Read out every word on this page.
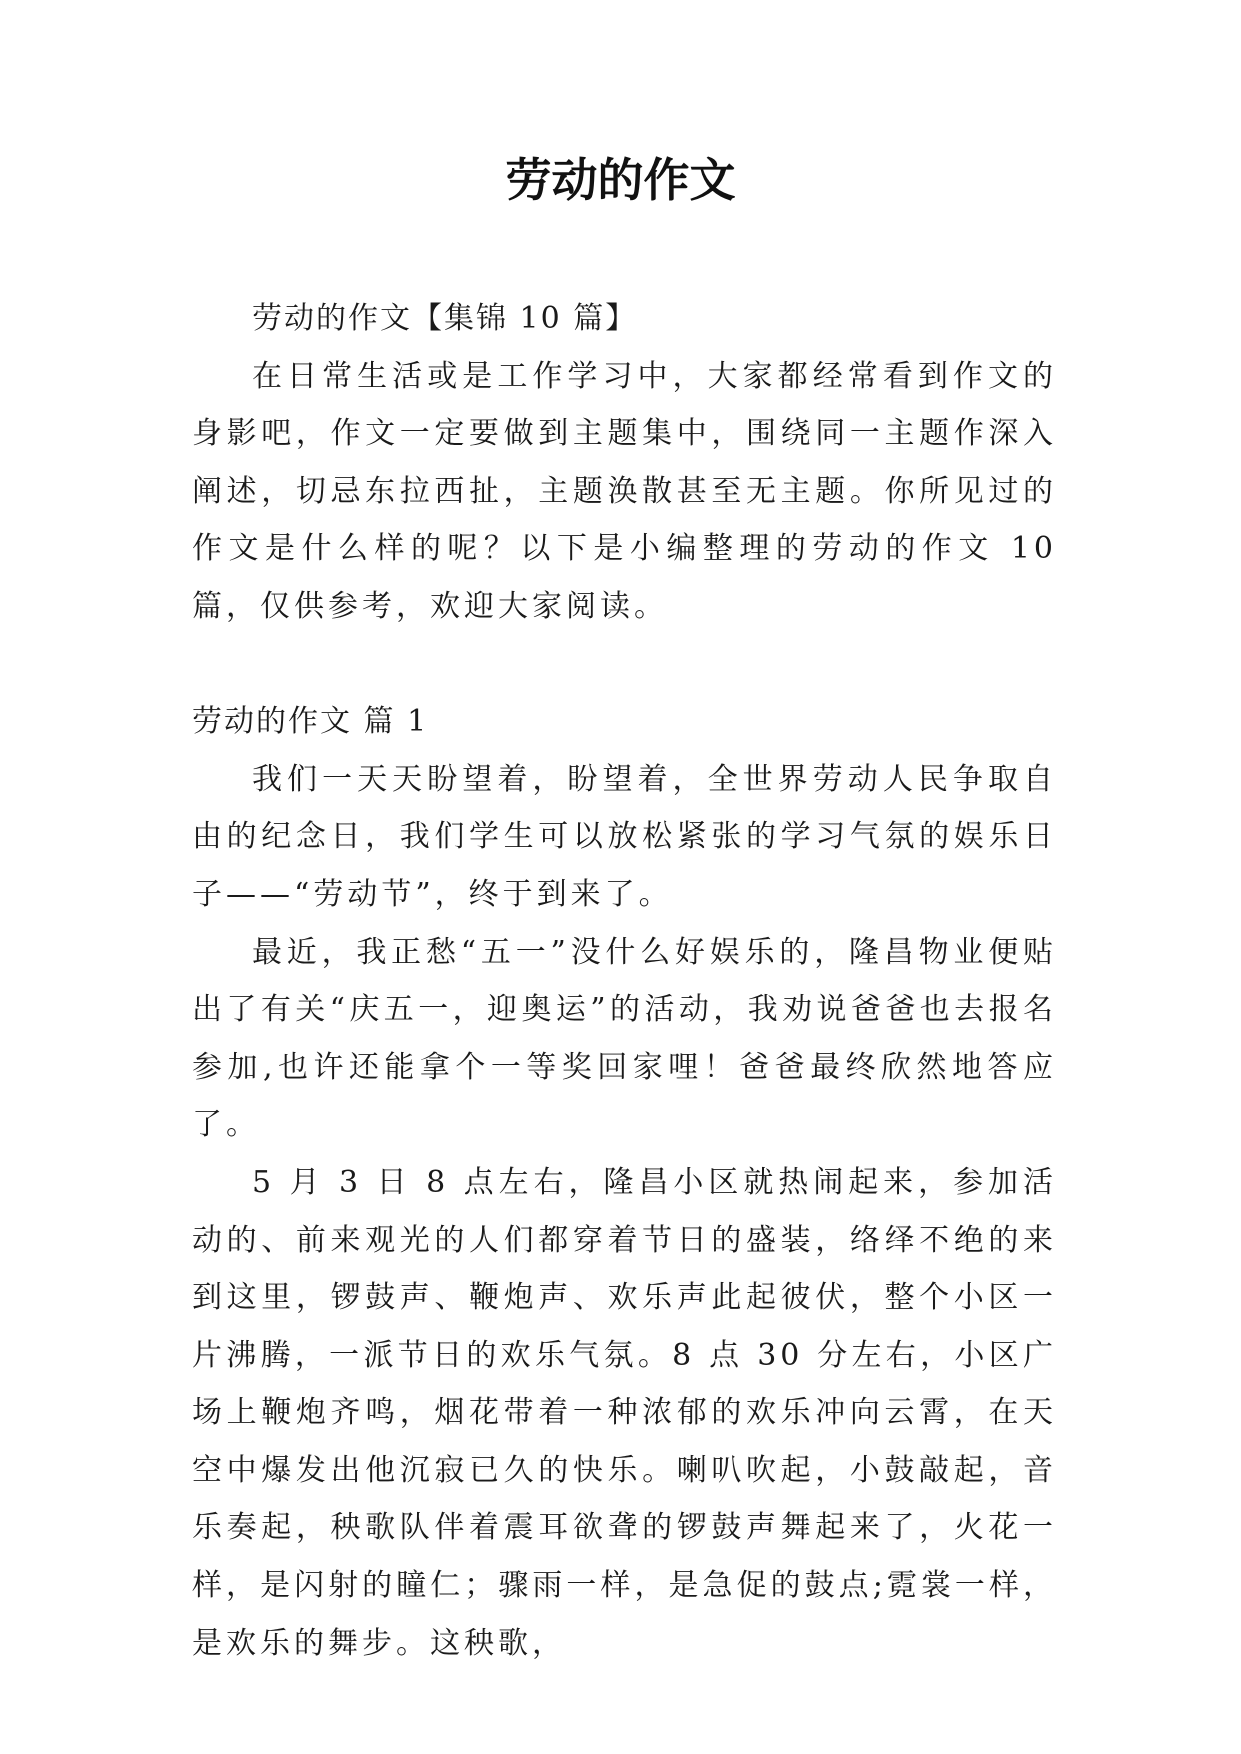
劳动的作文

劳动的作文【集锦 10 篇】

在日常生活或是工作学习中，大家都经常看到作文的身影吧，作文一定要做到主题集中，围绕同一主题作深入阐述，切忌东拉西扯，主题涣散甚至无主题。你所见过的作文是什么样的呢？以下是小编整理的劳动的作文 10 篇，仅供参考，欢迎大家阅读。

劳动的作文 篇 1

我们一天天盼望着，盼望着，全世界劳动人民争取自由的纪念日，我们学生可以放松紧张的学习气氛的娱乐日子——“劳动节”，终于到来了。

最近，我正愁“五一”没什么好娱乐的，隆昌物业便贴出了有关“庆五一，迎奥运”的活动，我劝说爸爸也去报名参加,也许还能拿个一等奖回家哩！爸爸最终欣然地答应了。

5 月 3 日 8 点左右，隆昌小区就热闹起来，参加活动的、前来观光的人们都穿着节日的盛装，络绎不绝的来到这里，锣鼓声、鞭炮声、欢乐声此起彼伏，整个小区一片沸腾，一派节日的欢乐气氛。8 点 30 分左右，小区广场上鞭炮齐鸣，烟花带着一种浓郁的欢乐冲向云霄，在天空中爆发出他沉寂已久的快乐。喇叭吹起，小鼓敲起，音乐奏起，秧歌队伴着震耳欲聋的锣鼓声舞起来了，火花一样，是闪射的瞳仁；骤雨一样，是急促的鼓点;霓裳一样，是欢乐的舞步。这秧歌，
